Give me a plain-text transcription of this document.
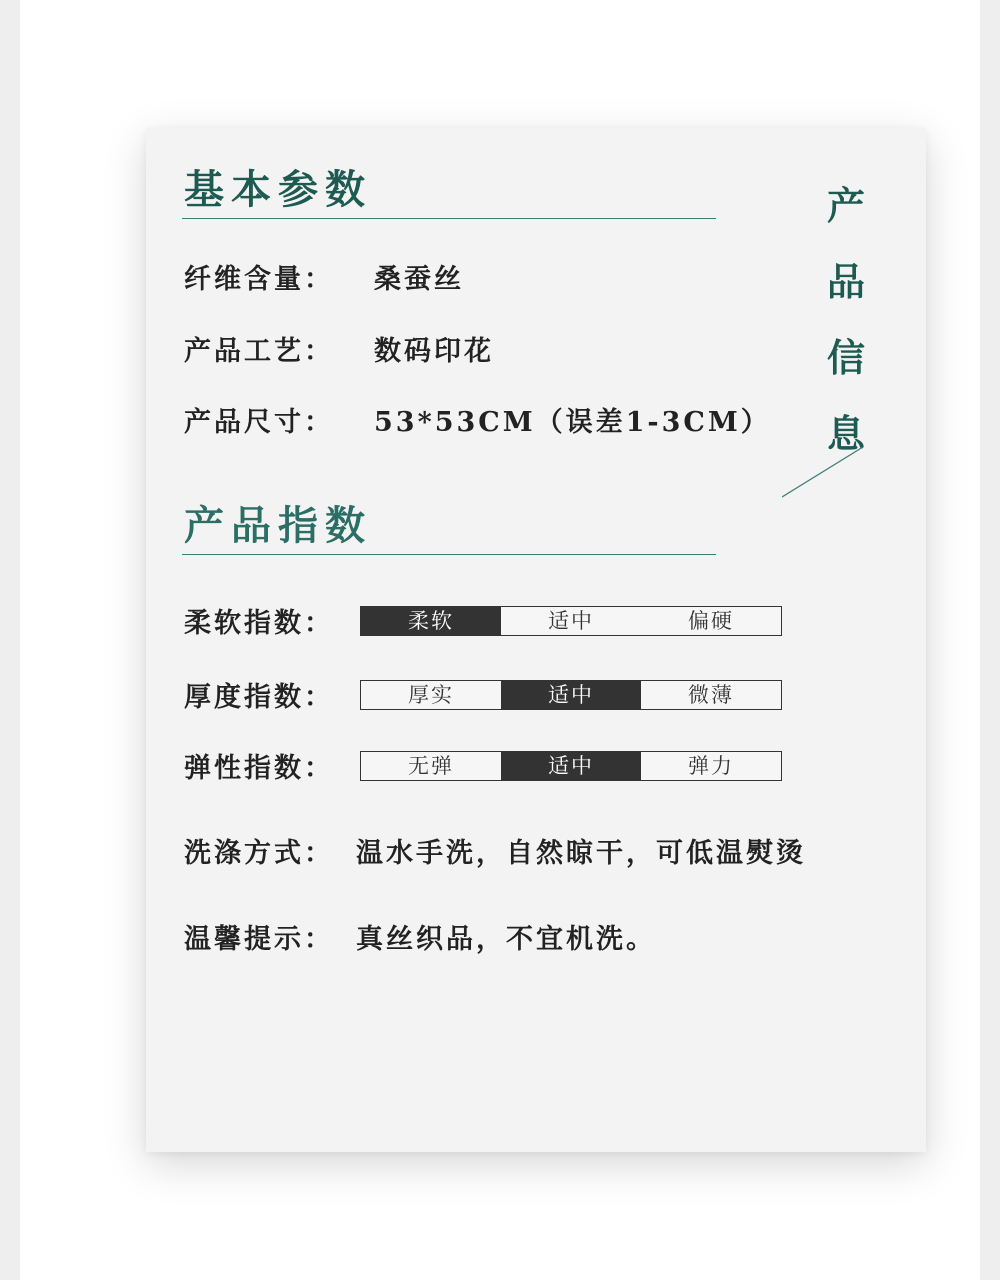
基本参数	产
品
信
息
纤维含量： 桑蚕丝
产品工艺： 数码印花
产品尺寸： 53*53CM（误差1-3CM）
产品指数
柔软指数：	柔软	适中	偏硬
厚度指数：	厚实	适中	微薄
弹性指数：	无弹	适中	弹力
洗涤方式： 温水手洗，自然晾干，可低温熨烫
温馨提示： 真丝织品，不宜机洗。
